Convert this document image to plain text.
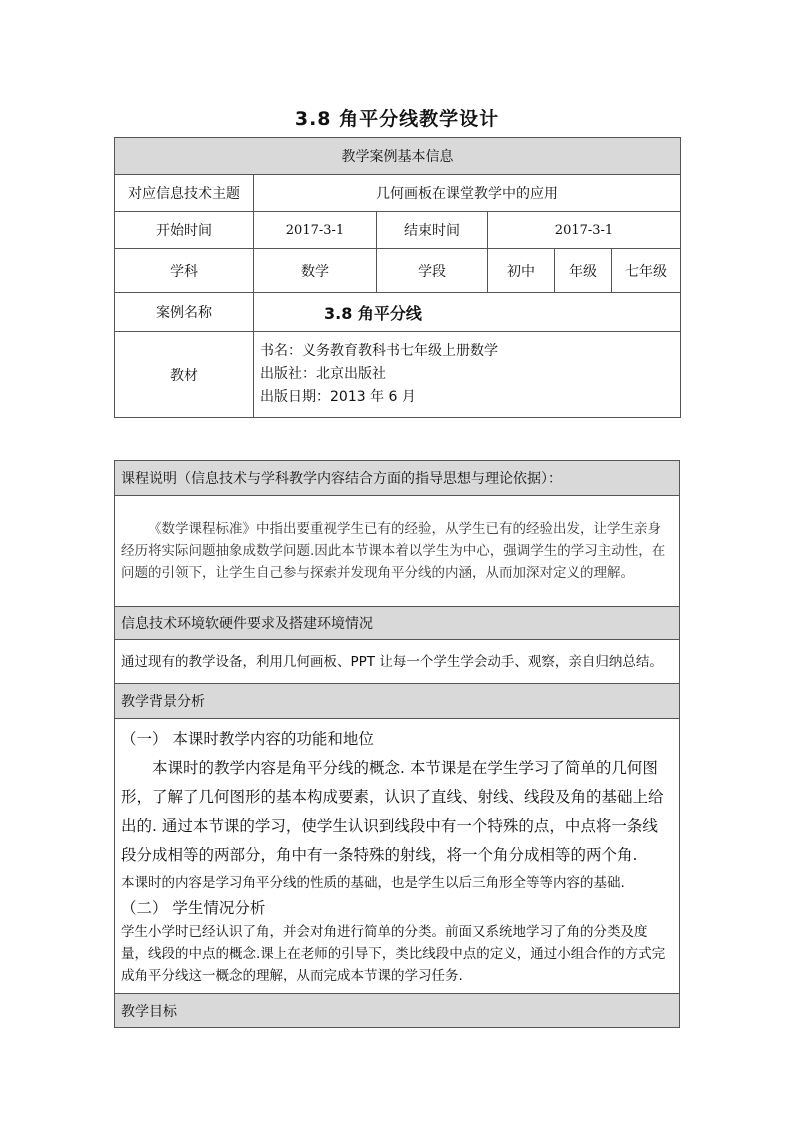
3.8 角平分线教学设计
教学案例基本信息					
对应信息技术主题	几何画板在课堂教学中的应用				
开始时间	2017-3-1	结束时间	2017-3-1		
学科	数学	学段	初中	年级	七年级
案例名称	3.8 角平分线				
教材	书名：义务教育教科书七年级上册数学
出版社：北京出版社
出版日期：2013 年 6 月				
课程说明（信息技术与学科教学内容结合方面的指导思想与理论依据）：
《数学课程标准》中指出要重视学生已有的经验，从学生已有的经验出发，让学生亲身经历将实际问题抽象成数学问题.因此本节课本着以学生为中心，强调学生的学习主动性，在问题的引领下，让学生自己参与探索并发现角平分线的内涵，从而加深对定义的理解。
信息技术环境软硬件要求及搭建环境情况
通过现有的教学设备，利用几何画板、PPT 让每一个学生学会动手、观察，亲自归纳总结。
教学背景分析

（一） 本课时教学内容的功能和地位
本课时的教学内容是角平分线的概念. 本节课是在学生学习了简单的几何图形，了解了几何图形的基本构成要素，认识了直线、射线、线段及角的基础上给出的. 通过本节课的学习，使学生认识到线段中有一个特殊的点，中点将一条线段分成相等的两部分，角中有一条特殊的射线，将一个角分成相等的两个角.
本课时的内容是学习角平分线的性质的基础，也是学生以后三角形全等等内容的基础.
（二） 学生情况分析
学生小学时已经认识了角，并会对角进行简单的分类。前面又系统地学习了角的分类及度量，线段的中点的概念.课上在老师的引导下，类比线段中点的定义，通过小组合作的方式完成角平分线这一概念的理解，从而完成本节课的学习任务.

教学目标
